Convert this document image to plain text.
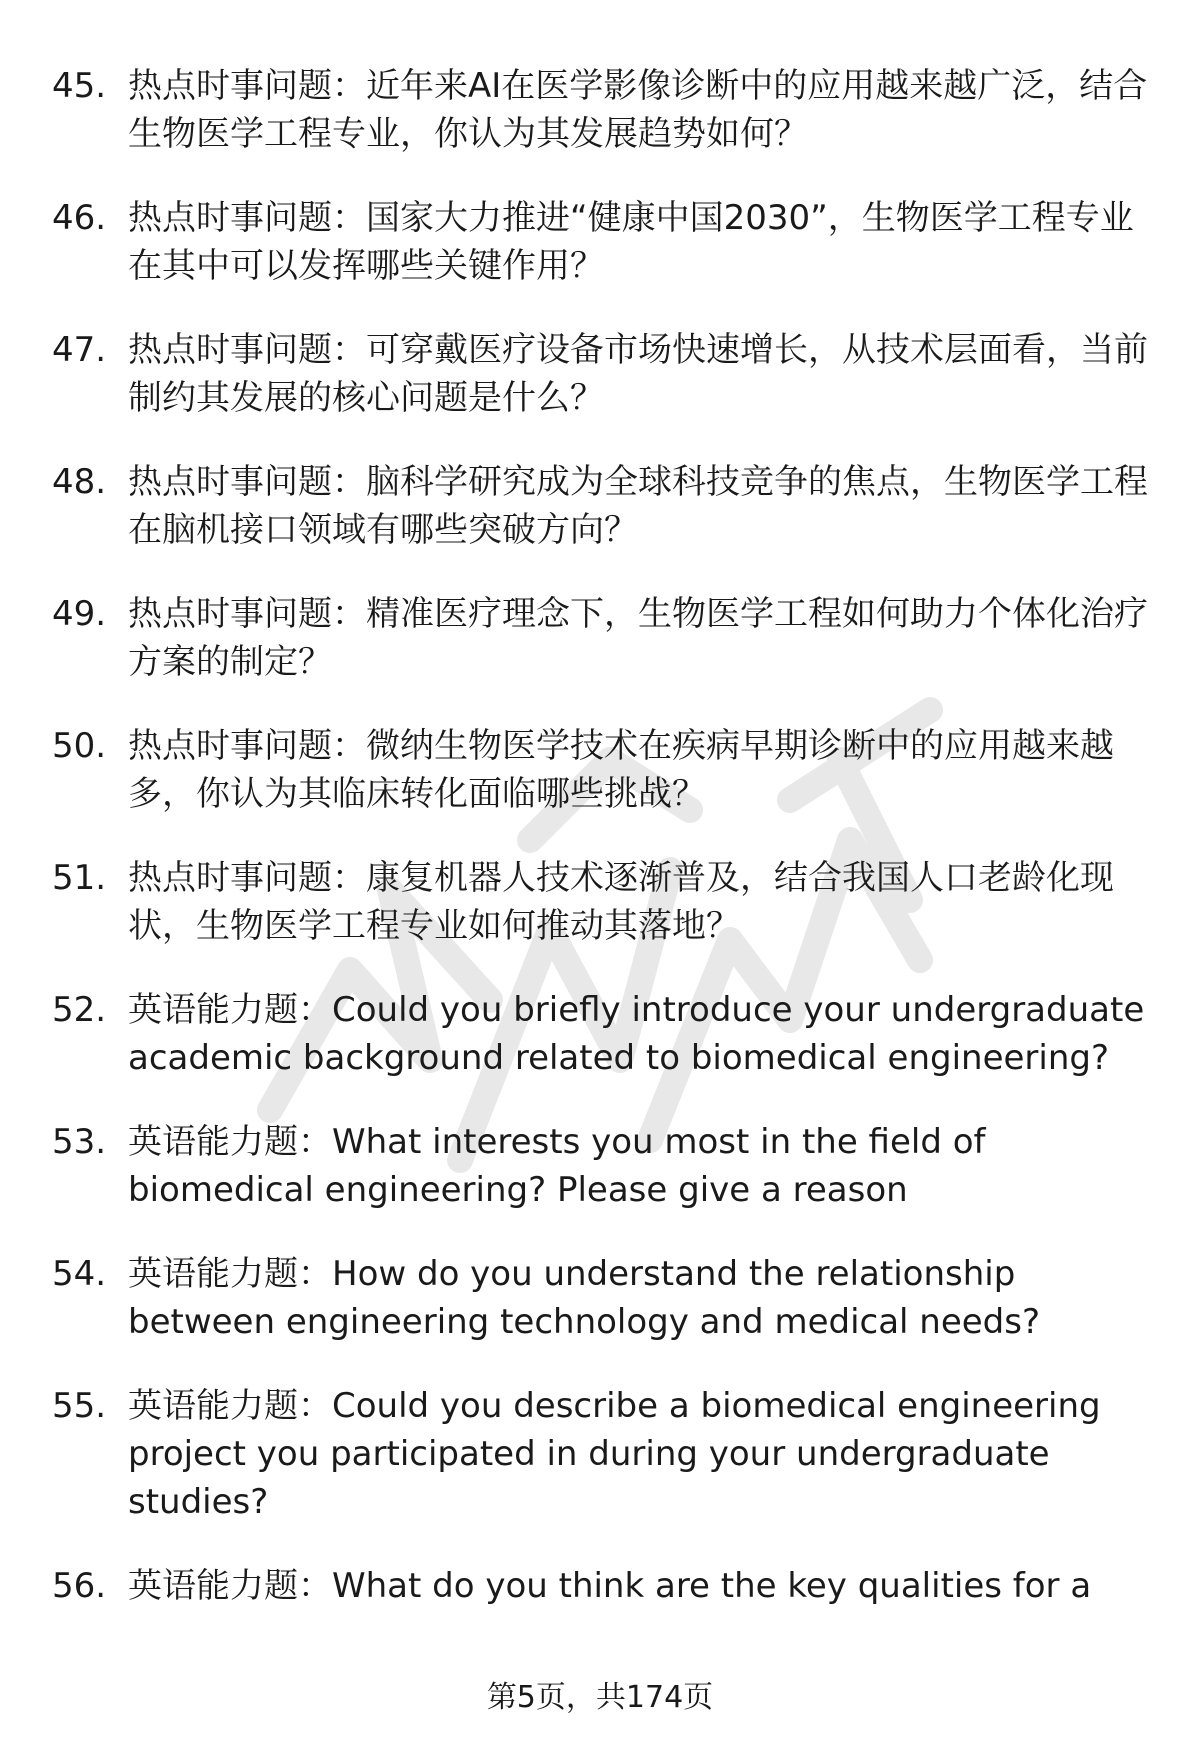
45. 热点时事问题：近年来AI在医学影像诊断中的应用越来越广泛，结合生物医学工程专业，你认为其发展趋势如何？
46. 热点时事问题：国家大力推进“健康中国2030”，生物医学工程专业在其中可以发挥哪些关键作用？
47. 热点时事问题：可穿戴医疗设备市场快速增长，从技术层面看，当前制约其发展的核心问题是什么？
48. 热点时事问题：脑科学研究成为全球科技竞争的焦点，生物医学工程在脑机接口领域有哪些突破方向？
49. 热点时事问题：精准医疗理念下，生物医学工程如何助力个体化治疗方案的制定？
50. 热点时事问题：微纳生物医学技术在疾病早期诊断中的应用越来越多，你认为其临床转化面临哪些挑战？
51. 热点时事问题：康复机器人技术逐渐普及，结合我国人口老龄化现状，生物医学工程专业如何推动其落地？
52. 英语能力题：Could you briefly introduce your undergraduate academic background related to biomedical engineering?
53. 英语能力题：What interests you most in the field of biomedical engineering? Please give a reason
54. 英语能力题：How do you understand the relationship between engineering technology and medical needs?
55. 英语能力题：Could you describe a biomedical engineering project you participated in during your undergraduate studies?
56. 英语能力题：What do you think are the key qualities for a
第5页，共174页
